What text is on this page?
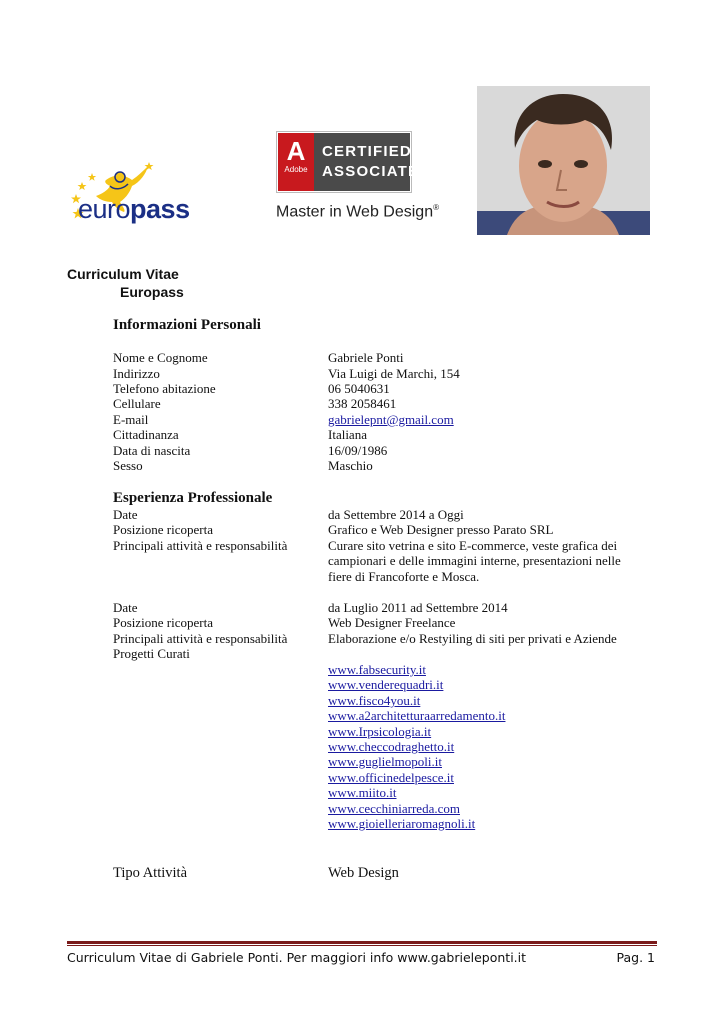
europass
A
Adobe
CERTIFIED
ASSOCIATE
Master in Web Design®
Curriculum Vitae
Europass
Informazioni Personali
Nome e Cognome	Gabriele Ponti
Indirizzo	Via Luigi de Marchi, 154
Telefono abitazione	06 5040631
Cellulare	338 2058461
E-mail	gabrielepnt@gmail.com
Cittadinanza	Italiana
Data di nascita	16/09/1986
Sesso	Maschio
Esperienza Professionale
Date	da Settembre 2014 a Oggi
Posizione ricoperta	Grafico e Web Designer presso Parato SRL
Principali attività e responsabilità	Curare sito vetrina e sito E-commerce, veste grafica dei
campionari e delle immagini interne, presentazioni nelle
fiere di Francoforte e Mosca.
Date	da Luglio 2011 ad Settembre 2014
Posizione ricoperta	Web Designer Freelance
Principali attività e responsabilità	Elaborazione e/o Restyiling di siti per privati e Aziende
Progetti Curati
www.fabsecurity.it
www.venderequadri.it
www.fisco4you.it
www.a2architetturaarredamento.it
www.Irpsicologia.it
www.checcodraghetto.it
www.guglielmopoli.it
www.officinedelpesce.it
www.miito.it
www.cecchiniarreda.com
www.gioielleriaromagnoli.it
Tipo Attività	Web Design
Curriculum Vitae di Gabriele Ponti. Per maggiori info www.gabrieleponti.it	Pag. 1
